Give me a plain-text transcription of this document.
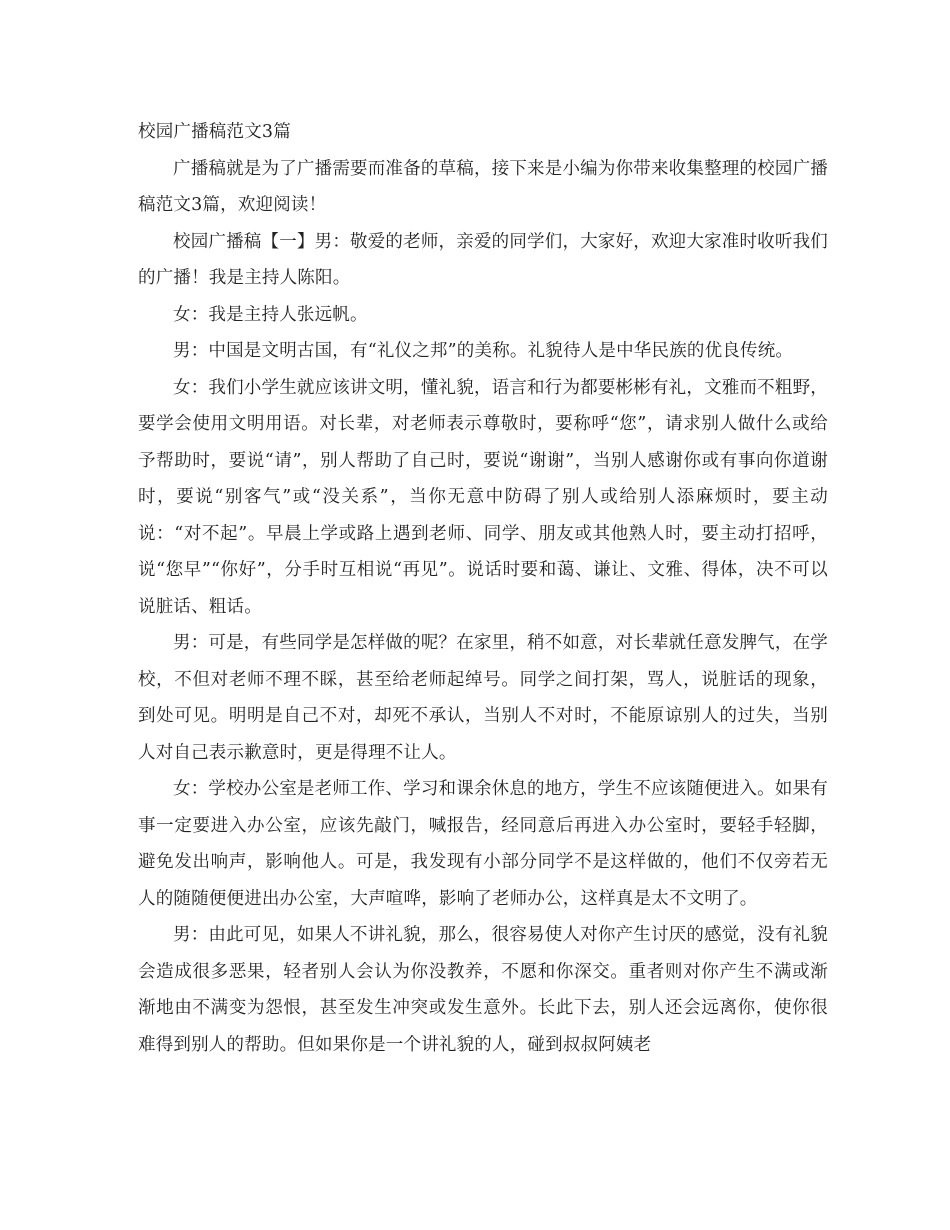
校园广播稿范文3篇

广播稿就是为了广播需要而准备的草稿，接下来是小编为你带来收集整理的校园广播稿范文3篇，欢迎阅读！

校园广播稿【一】男：敬爱的老师，亲爱的同学们，大家好，欢迎大家准时收听我们的广播！我是主持人陈阳。

女：我是主持人张远帆。

男：中国是文明古国，有“礼仪之邦”的美称。礼貌待人是中华民族的优良传统。

女：我们小学生就应该讲文明，懂礼貌，语言和行为都要彬彬有礼，文雅而不粗野，要学会使用文明用语。对长辈，对老师表示尊敬时，要称呼“您”，请求别人做什么或给予帮助时，要说“请”，别人帮助了自己时，要说“谢谢”，当别人感谢你或有事向你道谢时，要说“别客气”或“没关系”，当你无意中防碍了别人或给别人添麻烦时，要主动说：“对不起”。早晨上学或路上遇到老师、同学、朋友或其他熟人时，要主动打招呼，说“您早”“你好”，分手时互相说“再见”。说话时要和蔼、谦让、文雅、得体，决不可以说脏话、粗话。

男：可是，有些同学是怎样做的呢？在家里，稍不如意，对长辈就任意发脾气，在学校，不但对老师不理不睬，甚至给老师起绰号。同学之间打架，骂人，说脏话的现象，到处可见。明明是自己不对，却死不承认，当别人不对时，不能原谅别人的过失，当别人对自己表示歉意时，更是得理不让人。

女：学校办公室是老师工作、学习和课余休息的地方，学生不应该随便进入。如果有事一定要进入办公室，应该先敲门，喊报告，经同意后再进入办公室时，要轻手轻脚，避免发出响声，影响他人。可是，我发现有小部分同学不是这样做的，他们不仅旁若无人的随随便便进出办公室，大声喧哗，影响了老师办公，这样真是太不文明了。

男：由此可见，如果人不讲礼貌，那么，很容易使人对你产生讨厌的感觉，没有礼貌会造成很多恶果，轻者别人会认为你没教养，不愿和你深交。重者则对你产生不满或渐渐地由不满变为怨恨，甚至发生冲突或发生意外。长此下去，别人还会远离你，使你很难得到别人的帮助。但如果你是一个讲礼貌的人，碰到叔叔阿姨老
